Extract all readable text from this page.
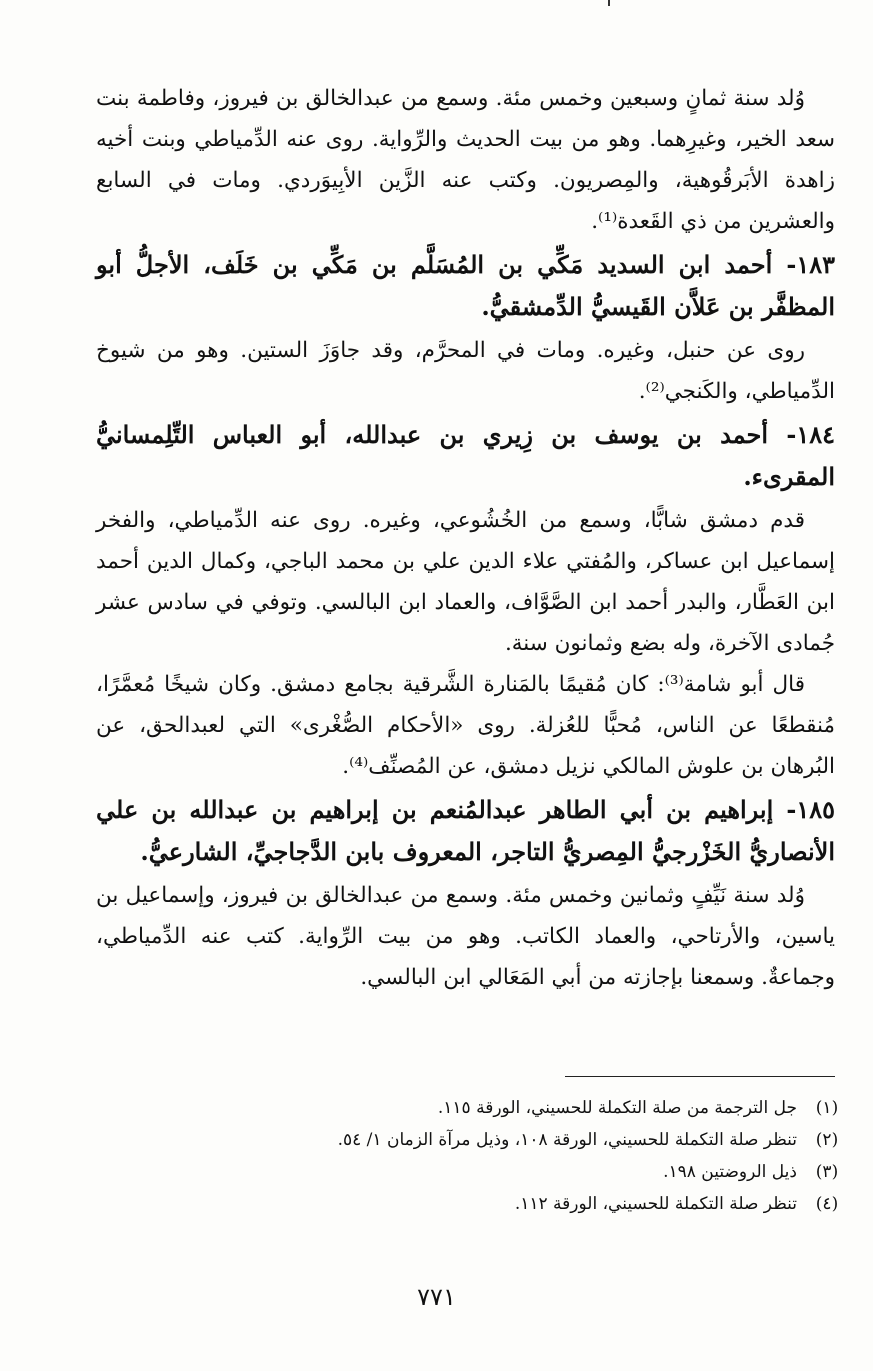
وُلد سنة ثمانٍ وسبعين وخمس مئة. وسمع من عبدالخالق بن فيروز، وفاطمة بنت سعد الخير، وغيرِهما. وهو من بيت الحديث والرِّواية. روى عنه الدِّمياطي وبنت أخيه زاهدة الأبَرقُوهية، والمِصريون. وكتب عنه الزَّين الأبِيوَردي. ومات في السابع والعشرين من ذي القَعدة⁽¹⁾.

١٨٣- أحمد ابن السديد مَكِّي بن المُسَلَّم بن مَكِّي بن خَلَف، الأجلُّ أبو المظفَّر بن عَلاَّن القَيسيُّ الدِّمشقيُّ.

روى عن حنبل، وغيره. ومات في المحرَّم، وقد جاوَزَ الستين. وهو من شيوخ الدِّمياطي، والكَنجي⁽²⁾.

١٨٤- أحمد بن يوسف بن زِيري بن عبدالله، أبو العباس التِّلِمسانيُّ المقرىء.

قدم دمشق شابًّا، وسمع من الخُشُوعي، وغيره. روى عنه الدِّمياطي، والفخر إسماعيل ابن عساكر، والمُفتي علاء الدين علي بن محمد الباجي، وكمال الدين أحمد ابن العَطَّار، والبدر أحمد ابن الصَّوَّاف، والعماد ابن البالسي. وتوفي في سادس عشر جُمادى الآخرة، وله بضع وثمانون سنة.

قال أبو شامة⁽³⁾: كان مُقيمًا بالمَنارة الشَّرقية بجامع دمشق. وكان شيخًا مُعمَّرًا، مُنقطعًا عن الناس، مُحبًّا للعُزلة. روى «الأحكام الصُّغْرى» التي لعبدالحق، عن البُرهان بن علوش المالكي نزيل دمشق، عن المُصنِّف⁽⁴⁾.

١٨٥- إبراهيم بن أبي الطاهر عبدالمُنعم بن إبراهيم بن عبدالله بن علي الأنصاريُّ الخَزْرجيُّ المِصريُّ التاجر، المعروف بابن الدَّجاجيِّ، الشارعيُّ.

وُلد سنة نَيِّفٍ وثمانين وخمس مئة. وسمع من عبدالخالق بن فيروز، وإسماعيل بن ياسين، والأرتاحي، والعماد الكاتب. وهو من بيت الرِّواية. كتب عنه الدِّمياطي، وجماعةٌ. وسمعنا بإجازته من أبي المَعَالي ابن البالسي.

(١)
جل الترجمة من صلة التكملة للحسيني، الورقة ١١٥.
(٢)
تنظر صلة التكملة للحسيني، الورقة ١٠٨، وذيل مرآة الزمان ١/ ٥٤.
(٣)
ذيل الروضتين ١٩٨.
(٤)
تنظر صلة التكملة للحسيني، الورقة ١١٢.
٧٧١
